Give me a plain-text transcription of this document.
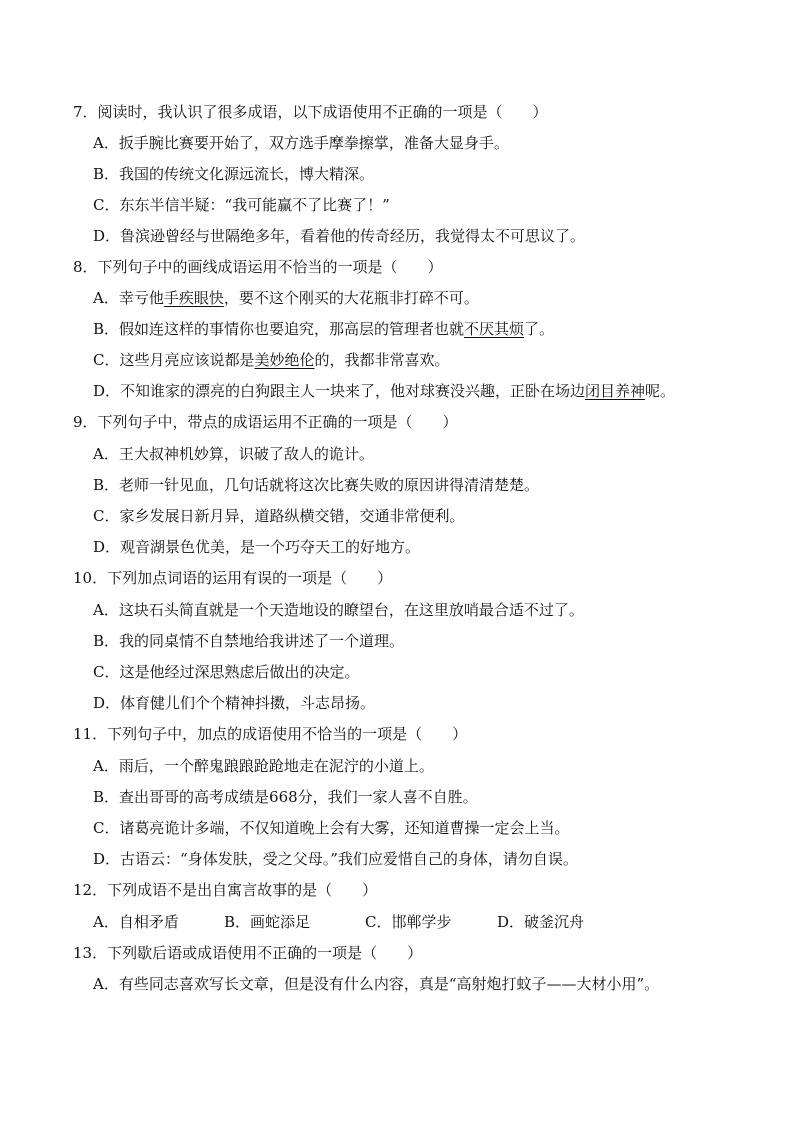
7．阅读时，我认识了很多成语，以下成语使用不正确的一项是（　　）
A．扳手腕比赛要开始了，双方选手摩拳擦掌，准备大显身手。
B．我国的传统文化源远流长，博大精深。
C．东东半信半疑：“我可能赢不了比赛了！”
D．鲁滨逊曾经与世隔绝多年，看着他的传奇经历，我觉得太不可思议了。
8．下列句子中的画线成语运用不恰当的一项是（　　）
A．幸亏他手疾眼快，要不这个刚买的大花瓶非打碎不可。
B．假如连这样的事情你也要追究，那高层的管理者也就不厌其烦了。
C．这些月亮应该说都是美妙绝伦的，我都非常喜欢。
D．不知谁家的漂亮的白狗跟主人一块来了，他对球赛没兴趣，正卧在场边闭目养神呢。
9．下列句子中，带点的成语运用不正确的一项是（　　）
A．王大叔神机妙算，识破了敌人的诡计。
B．老师一针见血，几句话就将这次比赛失败的原因讲得清清楚楚。
C．家乡发展日新月异，道路纵横交错，交通非常便利。
D．观音湖景色优美，是一个巧夺天工的好地方。
10．下列加点词语的运用有误的一项是（　　）
A．这块石头简直就是一个天造地设的瞭望台，在这里放哨最合适不过了。
B．我的同桌情不自禁地给我讲述了一个道理。
C．这是他经过深思熟虑后做出的决定。
D．体育健儿们个个精神抖擞，斗志昂扬。
11．下列句子中，加点的成语使用不恰当的一项是（　　）
A．雨后，一个醉鬼踉踉跄跄地走在泥泞的小道上。
B．查出哥哥的高考成绩是668分，我们一家人喜不自胜。
C．诸葛亮诡计多端，不仅知道晚上会有大雾，还知道曹操一定会上当。
D．古语云：“身体发肤，受之父母。”我们应爱惜自己的身体，请勿自误。
12．下列成语不是出自寓言故事的是（　　）
A．自相矛盾	B．画蛇添足	C．邯郸学步	D．破釜沉舟
13．下列歇后语或成语使用不正确的一项是（　　）
A．有些同志喜欢写长文章，但是没有什么内容，真是“高射炮打蚊子——大材小用”。
